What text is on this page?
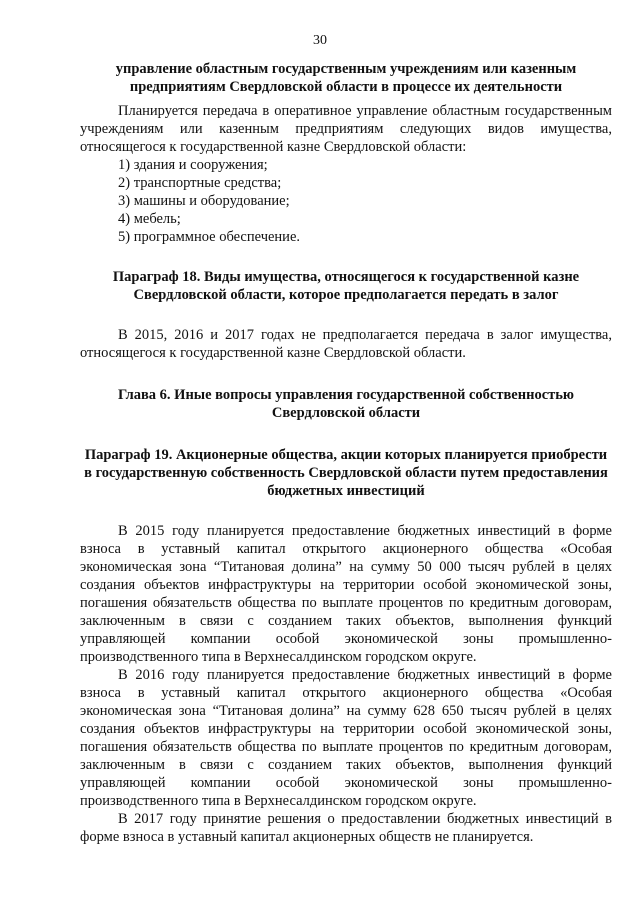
30

управление областным государственным учреждениям или казенным предприятиям Свердловской области в процессе их деятельности

Планируется передача в оперативное управление областным государственным учреждениям или казенным предприятиям следующих видов имущества, относящегося к государственной казне Свердловской области:

1) здания и сооружения;
2) транспортные средства;
3) машины и оборудование;
4) мебель;
5) программное обеспечение.

Параграф 18. Виды имущества, относящегося к государственной казне Свердловской области, которое предполагается передать в залог

В 2015, 2016 и 2017 годах не предполагается передача в залог имущества, относящегося к государственной казне Свердловской области.

Глава 6. Иные вопросы управления государственной собственностью Свердловской области

Параграф 19. Акционерные общества, акции которых планируется приобрести в государственную собственность Свердловской области путем предоставления бюджетных инвестиций

В 2015 году планируется предоставление бюджетных инвестиций в форме взноса в уставный капитал открытого акционерного общества «Особая экономическая зона “Титановая долина” на сумму 50 000 тысяч рублей в целях создания объектов инфраструктуры на территории особой экономической зоны, погашения обязательств общества по выплате процентов по кредитным договорам, заключенным в связи с созданием таких объектов, выполнения функций управляющей компании особой экономической зоны промышленно-производственного типа в Верхнесалдинском городском округе.

В 2016 году планируется предоставление бюджетных инвестиций в форме взноса в уставный капитал открытого акционерного общества «Особая экономическая зона “Титановая долина” на сумму 628 650 тысяч рублей в целях создания объектов инфраструктуры на территории особой экономической зоны, погашения обязательств общества по выплате процентов по кредитным договорам, заключенным в связи с созданием таких объектов, выполнения функций управляющей компании особой экономической зоны промышленно-производственного типа в Верхнесалдинском городском округе.

В 2017 году принятие решения о предоставлении бюджетных инвестиций в форме взноса в уставный капитал акционерных обществ не планируется.
